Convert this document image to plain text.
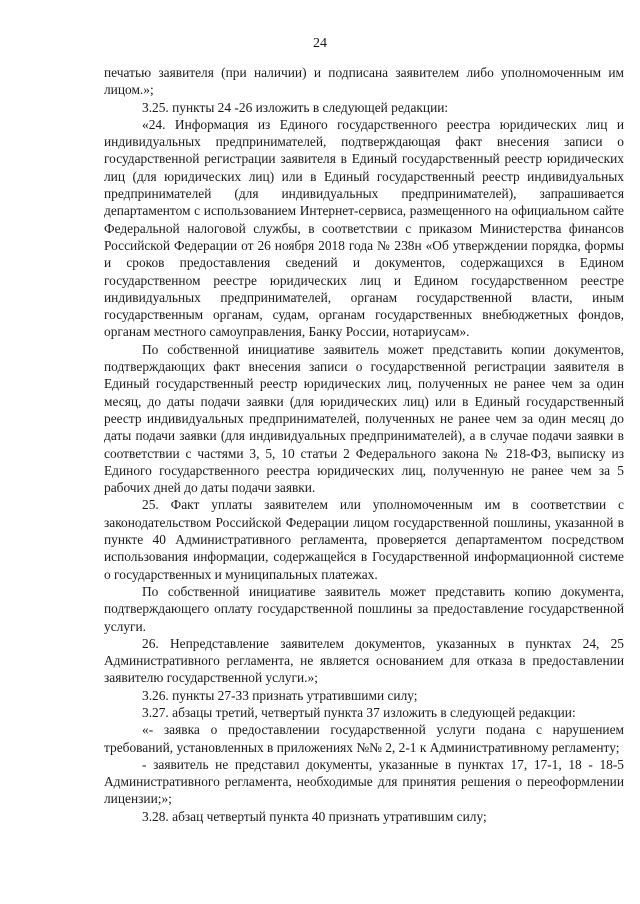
24

печатью заявителя (при наличии) и подписана заявителем либо уполномоченным им лицом.»;

3.25. пункты 24 -26 изложить в следующей редакции:

«24. Информация из Единого государственного реестра юридических лиц и индивидуальных предпринимателей, подтверждающая факт внесения записи о государственной регистрации заявителя в Единый государственный реестр юридических лиц (для юридических лиц) или в Единый государственный реестр индивидуальных предпринимателей (для индивидуальных предпринимателей), запрашивается департаментом с использованием Интернет-сервиса, размещенного на официальном сайте Федеральной налоговой службы, в соответствии с приказом Министерства финансов Российской Федерации от 26 ноября 2018 года № 238н «Об утверждении порядка, формы и сроков предоставления сведений и документов, содержащихся в Едином государственном реестре юридических лиц и Едином государственном реестре индивидуальных предпринимателей, органам государственной власти, иным государственным органам, судам, органам государственных внебюджетных фондов, органам местного самоуправления, Банку России, нотариусам».

По собственной инициативе заявитель может представить копии документов, подтверждающих факт внесения записи о государственной регистрации заявителя в Единый государственный реестр юридических лиц, полученных не ранее чем за один месяц, до даты подачи заявки (для юридических лиц) или в Единый государственный реестр индивидуальных предпринимателей, полученных не ранее чем за один месяц до даты подачи заявки (для индивидуальных предпринимателей), а в случае подачи заявки в соответствии с частями 3, 5, 10 статьи 2 Федерального закона № 218-ФЗ, выписку из Единого государственного реестра юридических лиц, полученную не ранее чем за 5 рабочих дней до даты подачи заявки.

25. Факт уплаты заявителем или уполномоченным им в соответствии с законодательством Российской Федерации лицом государственной пошлины, указанной в пункте 40 Административного регламента, проверяется департаментом посредством использования информации, содержащейся в Государственной информационной системе о государственных и муниципальных платежах.

По собственной инициативе заявитель может представить копию документа, подтверждающего оплату государственной пошлины за предоставление государственной услуги.

26. Непредставление заявителем документов, указанных в пунктах 24, 25 Административного регламента, не является основанием для отказа в предоставлении заявителю государственной услуги.»;

3.26. пункты 27-33 признать утратившими силу;

3.27. абзацы третий, четвертый пункта 37 изложить в следующей редакции:

«- заявка о предоставлении государственной услуги подана с нарушением требований, установленных в приложениях №№ 2, 2-1 к Административному регламенту;

- заявитель не представил документы, указанные в пунктах 17, 17-1, 18 - 18-5 Административного регламента, необходимые для принятия решения о переоформлении лицензии;»;

3.28. абзац четвертый пункта 40 признать утратившим силу;
